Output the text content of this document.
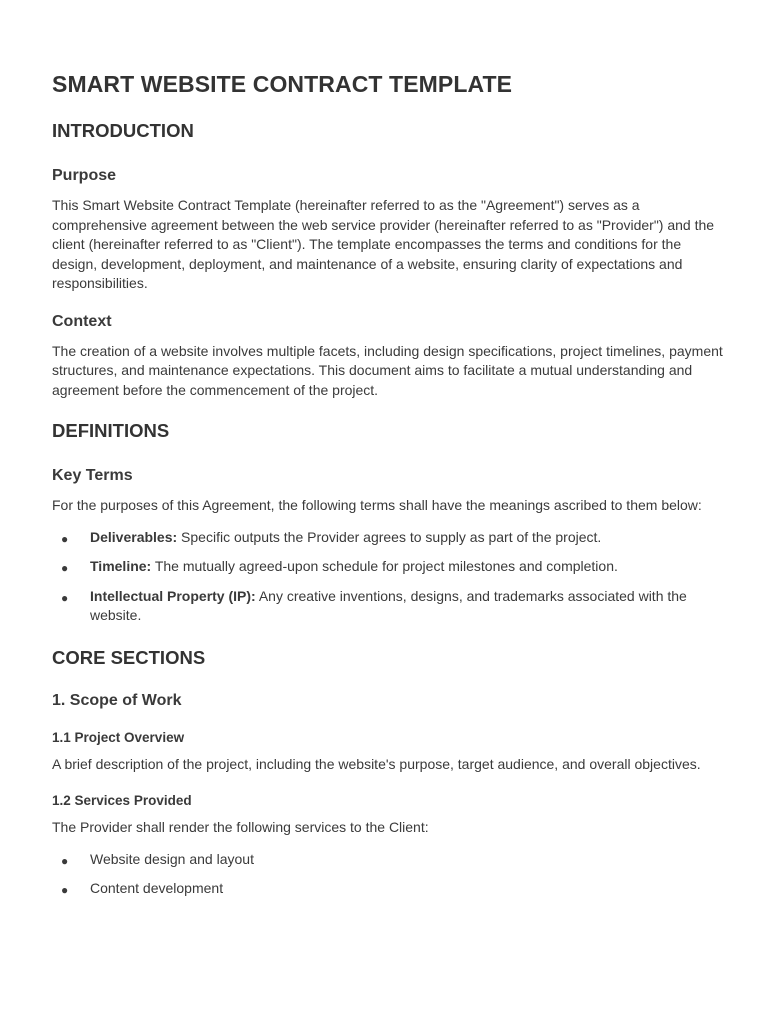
SMART WEBSITE CONTRACT TEMPLATE
INTRODUCTION
Purpose

This Smart Website Contract Template (hereinafter referred to as the "Agreement") serves as a comprehensive agreement between the web service provider (hereinafter referred to as "Provider") and the client (hereinafter referred to as "Client"). The template encompasses the terms and conditions for the design, development, deployment, and maintenance of a website, ensuring clarity of expectations and responsibilities.

Context

The creation of a website involves multiple facets, including design specifications, project timelines, payment structures, and maintenance expectations. This document aims to facilitate a mutual understanding and agreement before the commencement of the project.

DEFINITIONS
Key Terms

For the purposes of this Agreement, the following terms shall have the meanings ascribed to them below:

● Deliverables: Specific outputs the Provider agrees to supply as part of the project.
● Timeline: The mutually agreed-upon schedule for project milestones and completion.
● Intellectual Property (IP): Any creative inventions, designs, and trademarks associated with the website.
CORE SECTIONS
1. Scope of Work
1.1 Project Overview

A brief description of the project, including the website's purpose, target audience, and overall objectives.

1.2 Services Provided

The Provider shall render the following services to the Client:

● Website design and layout
● Content development
